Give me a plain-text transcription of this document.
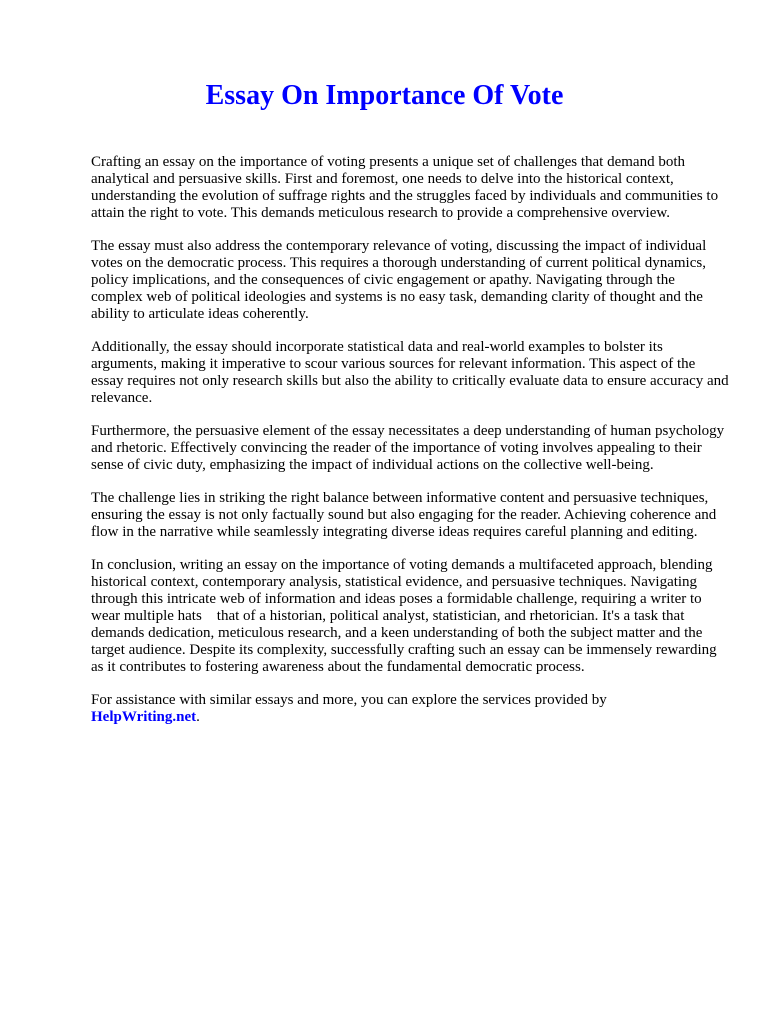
Essay On Importance Of Vote

Crafting an essay on the importance of voting presents a unique set of challenges that demand both analytical and persuasive skills. First and foremost, one needs to delve into the historical context, understanding the evolution of suffrage rights and the struggles faced by individuals and communities to attain the right to vote. This demands meticulous research to provide a comprehensive overview.

The essay must also address the contemporary relevance of voting, discussing the impact of individual votes on the democratic process. This requires a thorough understanding of current political dynamics, policy implications, and the consequences of civic engagement or apathy. Navigating through the complex web of political ideologies and systems is no easy task, demanding clarity of thought and the ability to articulate ideas coherently.

Additionally, the essay should incorporate statistical data and real-world examples to bolster its arguments, making it imperative to scour various sources for relevant information. This aspect of the essay requires not only research skills but also the ability to critically evaluate data to ensure accuracy and relevance.

Furthermore, the persuasive element of the essay necessitates a deep understanding of human psychology and rhetoric. Effectively convincing the reader of the importance of voting involves appealing to their sense of civic duty, emphasizing the impact of individual actions on the collective well-being.

The challenge lies in striking the right balance between informative content and persuasive techniques, ensuring the essay is not only factually sound but also engaging for the reader. Achieving coherence and flow in the narrative while seamlessly integrating diverse ideas requires careful planning and editing.

In conclusion, writing an essay on the importance of voting demands a multifaceted approach, blending historical context, contemporary analysis, statistical evidence, and persuasive techniques. Navigating through this intricate web of information and ideas poses a formidable challenge, requiring a writer to wear multiple hats    that of a historian, political analyst, statistician, and rhetorician. It's a task that demands dedication, meticulous research, and a keen understanding of both the subject matter and the target audience. Despite its complexity, successfully crafting such an essay can be immensely rewarding as it contributes to fostering awareness about the fundamental democratic process.

For assistance with similar essays and more, you can explore the services provided by
HelpWriting.net.
